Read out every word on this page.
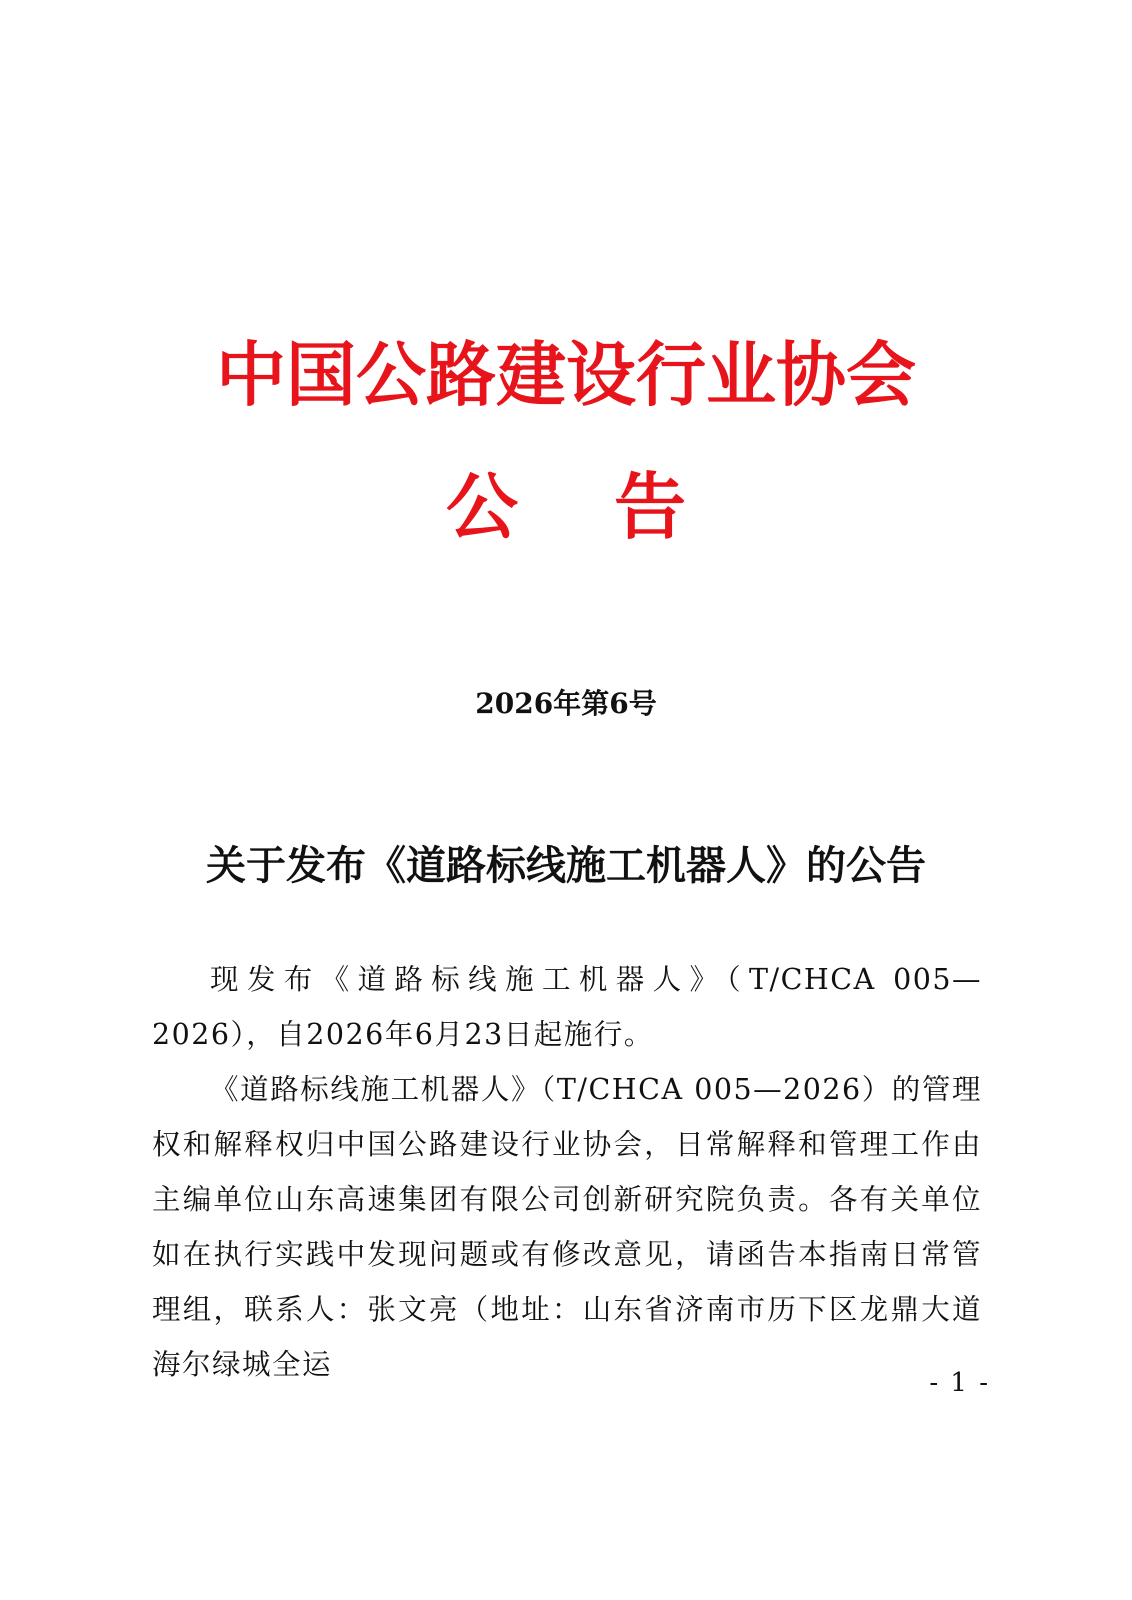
中国公路建设行业协会
公告
2026年第6号
关于发布《道路标线施工机器人》的公告

现发布《道路标线施工机器人》（T/CHCA 005—2026），自2026年6月23日起施行。

《道路标线施工机器人》（T/CHCA 005—2026）的管理权和解释权归中国公路建设行业协会，日常解释和管理工作由主编单位山东高速集团有限公司创新研究院负责。各有关单位如在执行实践中发现问题或有修改意见，请函告本指南日常管理组，联系人：张文亮（地址：山东省济南市历下区龙鼎大道海尔绿城全运

- 1 -
